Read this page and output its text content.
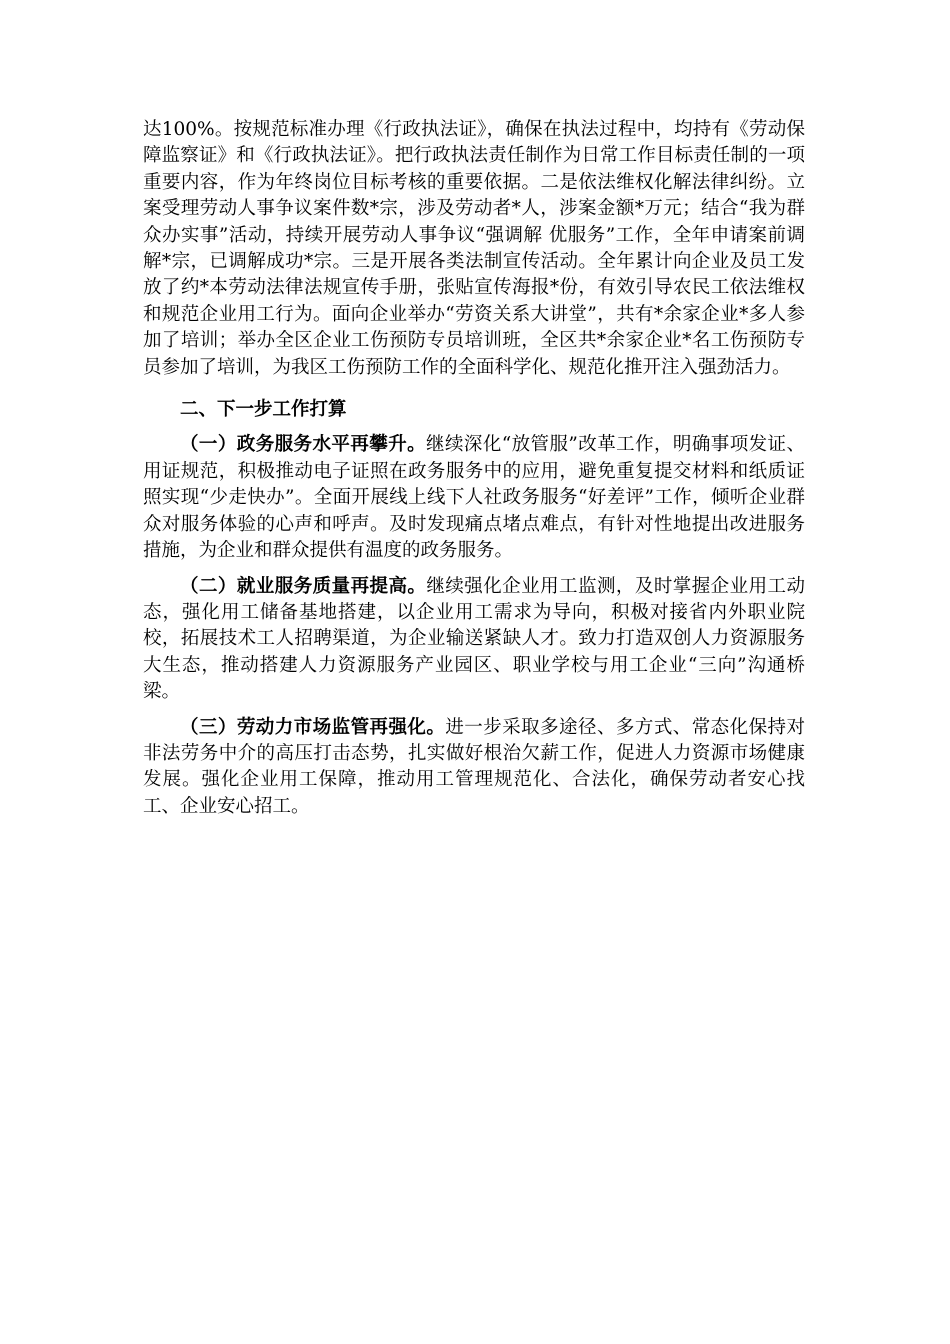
达100%。按规范标准办理《行政执法证》，确保在执法过程中，均持有《劳动保障监察证》和《行政执法证》。把行政执法责任制作为日常工作目标责任制的一项重要内容，作为年终岗位目标考核的重要依据。二是依法维权化解法律纠纷。立案受理劳动人事争议案件数*宗，涉及劳动者*人，涉案金额*万元；结合“我为群众办实事”活动，持续开展劳动人事争议“强调解 优服务”工作，全年申请案前调解*宗，已调解成功*宗。三是开展各类法制宣传活动。全年累计向企业及员工发放了约*本劳动法律法规宣传手册，张贴宣传海报*份，有效引导农民工依法维权和规范企业用工行为。面向企业举办“劳资关系大讲堂”，共有*余家企业*多人参加了培训；举办全区企业工伤预防专员培训班，全区共*余家企业*名工伤预防专员参加了培训，为我区工伤预防工作的全面科学化、规范化推开注入强劲活力。

二、下一步工作打算

（一）政务服务水平再攀升。继续深化“放管服”改革工作，明确事项发证、用证规范，积极推动电子证照在政务服务中的应用，避免重复提交材料和纸质证照实现“少走快办”。全面开展线上线下人社政务服务“好差评”工作，倾听企业群众对服务体验的心声和呼声。及时发现痛点堵点难点，有针对性地提出改进服务措施，为企业和群众提供有温度的政务服务。

（二）就业服务质量再提高。继续强化企业用工监测，及时掌握企业用工动态，强化用工储备基地搭建，以企业用工需求为导向，积极对接省内外职业院校，拓展技术工人招聘渠道，为企业输送紧缺人才。致力打造双创人力资源服务大生态，推动搭建人力资源服务产业园区、职业学校与用工企业“三向”沟通桥梁。

（三）劳动力市场监管再强化。进一步采取多途径、多方式、常态化保持对非法劳务中介的高压打击态势，扎实做好根治欠薪工作，促进人力资源市场健康发展。强化企业用工保障，推动用工管理规范化、合法化，确保劳动者安心找工、企业安心招工。
